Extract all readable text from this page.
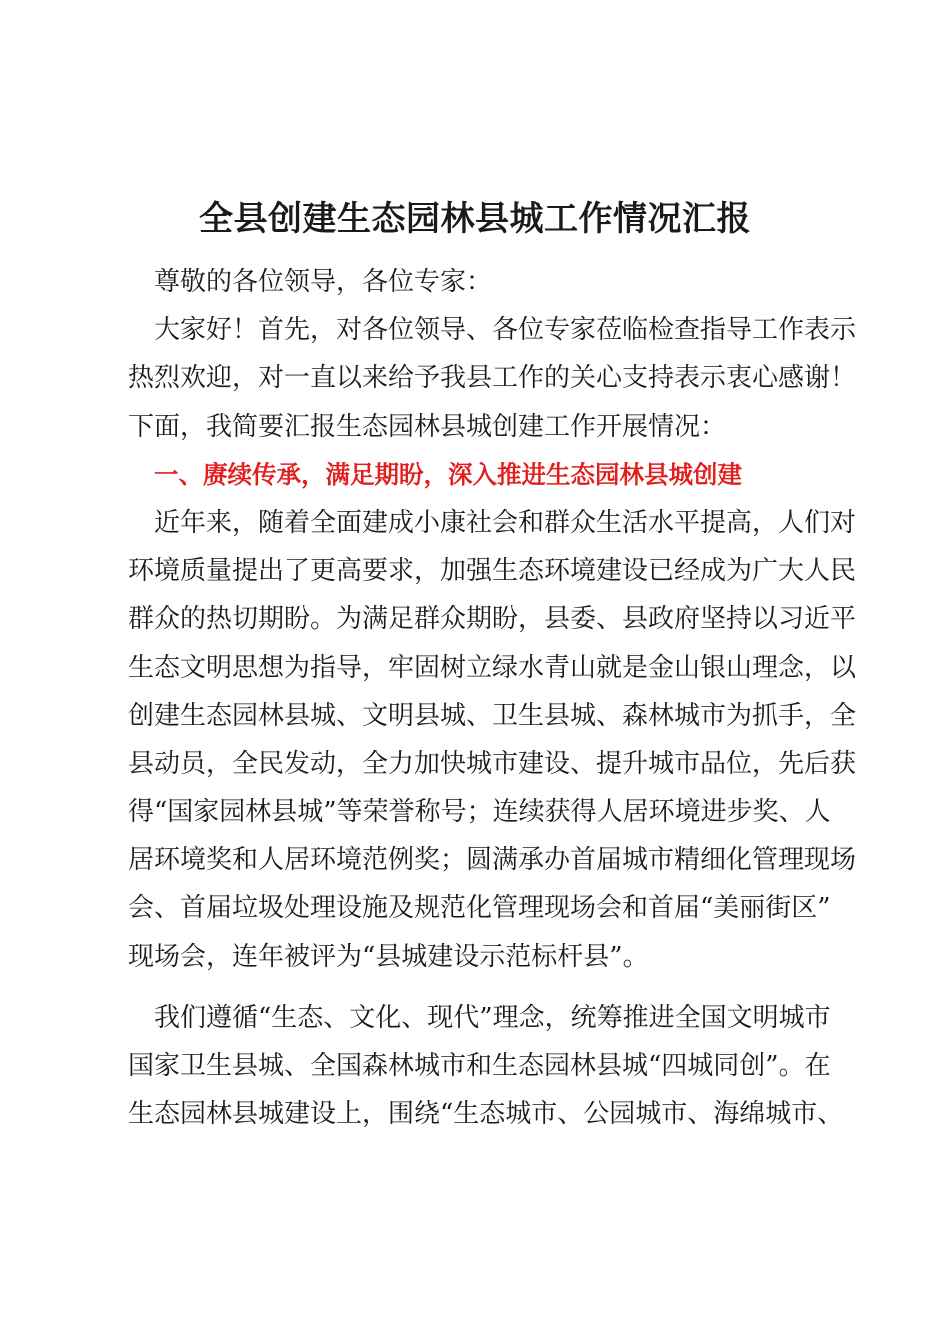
全县创建生态园林县城工作情况汇报
尊敬的各位领导，各位专家：
大家好！首先，对各位领导、各位专家莅临检查指导工作表示
热烈欢迎，对一直以来给予我县工作的关心支持表示衷心感谢！
下面，我简要汇报生态园林县城创建工作开展情况：
一、赓续传承，满足期盼，深入推进生态园林县城创建
近年来，随着全面建成小康社会和群众生活水平提高，人们对
环境质量提出了更高要求，加强生态环境建设已经成为广大人民
群众的热切期盼。为满足群众期盼，县委、县政府坚持以习近平
生态文明思想为指导，牢固树立绿水青山就是金山银山理念，以
创建生态园林县城、文明县城、卫生县城、森林城市为抓手，全
县动员，全民发动，全力加快城市建设、提升城市品位，先后获
得“国家园林县城”等荣誉称号；连续获得人居环境进步奖、人
居环境奖和人居环境范例奖；圆满承办首届城市精细化管理现场
会、首届垃圾处理设施及规范化管理现场会和首届“美丽街区”
现场会，连年被评为“县城建设示范标杆县”。
我们遵循“生态、文化、现代”理念，统筹推进全国文明城市
国家卫生县城、全国森林城市和生态园林县城“四城同创”。在
生态园林县城建设上，围绕“生态城市、公园城市、海绵城市、
